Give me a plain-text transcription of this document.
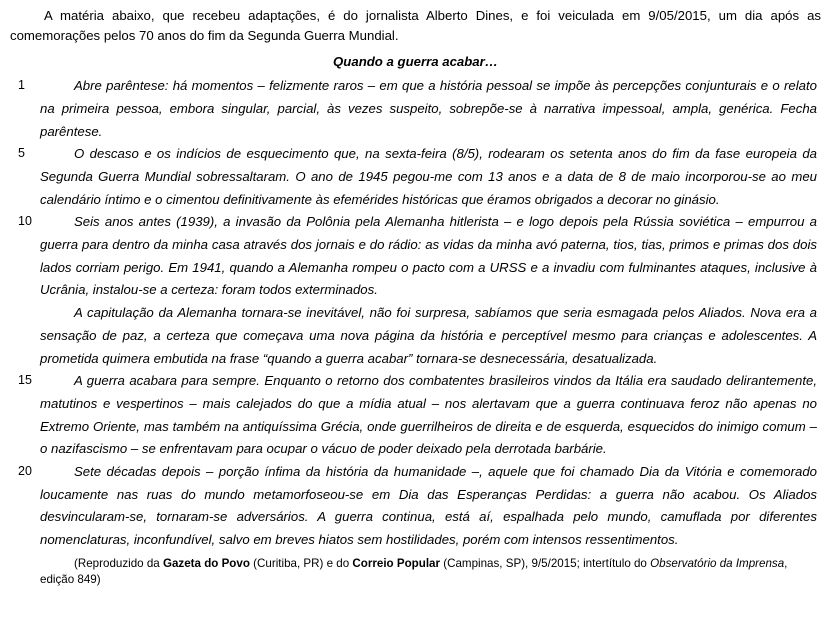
A matéria abaixo, que recebeu adaptações, é do jornalista Alberto Dines, e foi veiculada em 9/05/2015, um dia após as comemorações pelos 70 anos do fim da Segunda Guerra Mundial.

Quando a guerra acabar…
1	Abre parêntese: há momentos – felizmente raros – em que a história pessoal se impõe às percepções conjunturais e o relato na primeira pessoa, embora singular, parcial, às vezes suspeito, sobrepõe-se à narrativa impessoal, ampla, genérica. Fecha parêntese.

5	O descaso e os indícios de esquecimento que, na sexta-feira (8/5), rodearam os setenta anos do fim da fase europeia da Segunda Guerra Mundial sobressaltaram. O ano de 1945 pegou-me com 13 anos e a data de 8 de maio incorporou-se ao meu calendário íntimo e o cimentou definitivamente às efemérides históricas que éramos obrigados a decorar no ginásio.

10	Seis anos antes (1939), a invasão da Polônia pela Alemanha hitlerista – e logo depois pela Rússia soviética – empurrou a guerra para dentro da minha casa através dos jornais e do rádio: as vidas da minha avó paterna, tios, tias, primos e primas dos dois lados corriam perigo. Em 1941, quando a Alemanha rompeu o pacto com a URSS e a invadiu com fulminantes ataques, inclusive à Ucrânia, instalou-se a certeza: foram todos exterminados.

A capitulação da Alemanha tornara-se inevitável, não foi surpresa, sabíamos que seria esmagada pelos Aliados. Nova era a sensação de paz, a certeza que começava uma nova página da história e perceptível mesmo para crianças e adolescentes. A prometida quimera embutida na frase “quando a guerra acabar” tornara-se desnecessária, desatualizada.

15	A guerra acabara para sempre. Enquanto o retorno dos combatentes brasileiros vindos da Itália era saudado delirantemente, matutinos e vespertinos – mais calejados do que a mídia atual – nos alertavam que a guerra continuava feroz não apenas no Extremo Oriente, mas também na antiquíssima Grécia, onde guerrilheiros de direita e de esquerda, esquecidos do inimigo comum – o nazifascismo – se enfrentavam para ocupar o vácuo de poder deixado pela derrotada barbárie.

20	Sete décadas depois – porção ínfima da história da humanidade –, aquele que foi chamado Dia da Vitória e comemorado loucamente nas ruas do mundo metamorfoseou-se em Dia das Esperanças Perdidas: a guerra não acabou. Os Aliados desvincularam-se, tornaram-se adversários. A guerra continua, está aí, espalhada pelo mundo, camuflada por diferentes nomenclaturas, inconfundível, salvo em breves hiatos sem hostilidades, porém com intensos ressentimentos.

(Reproduzido da Gazeta do Povo (Curitiba, PR) e do Correio Popular (Campinas, SP), 9/5/2015; intertítulo do Observatório da Imprensa, edição 849)
